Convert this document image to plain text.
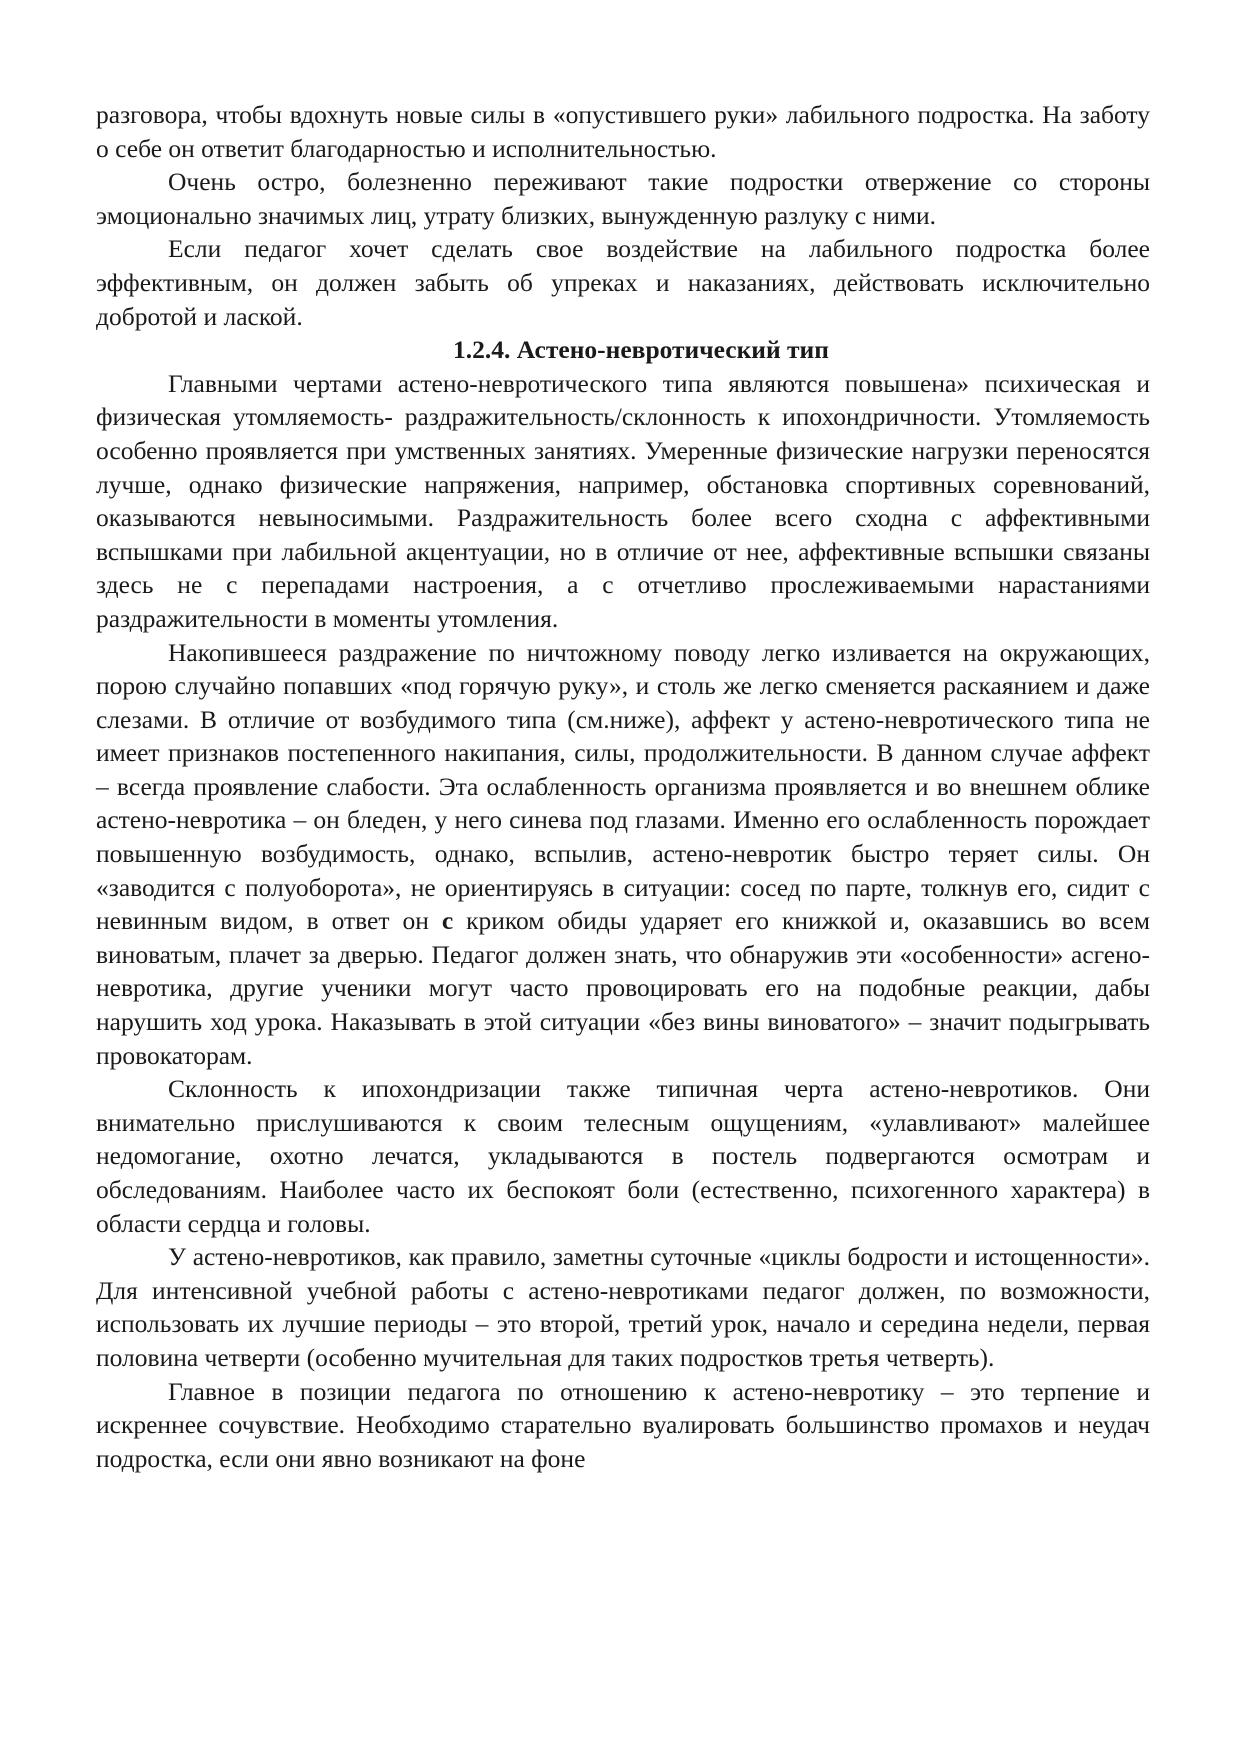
разговора, чтобы вдохнуть новые силы в «опустившего руки» лабильного подростка. На заботу о себе он ответит благодарностью и исполнительностью.

Очень остро, болезненно переживают такие подростки отвержение со стороны эмоционально значимых лиц, утрату близких, вынужденную разлуку с ними.

Если педагог хочет сделать свое воздействие на лабильного подростка более эффективным, он должен забыть об упреках и наказаниях, действовать исключительно добротой и лаской.

1.2.4. Астено-невротический тип

Главными чертами астено-невротического типа являются повышена» психическая и физическая утомляемость- раздражительность/склонность к ипохондричности. Утомляемость особенно проявляется при умственных занятиях. Умеренные физические нагрузки переносятся лучше, однако физические напряжения, например, обстановка спортивных соревнований, оказываются невыносимыми. Раздражительность более всего сходна с аффективными вспышками при лабильной акцентуации, но в отличие от нее, аффективные вспышки связаны здесь не с перепадами настроения, а с отчетливо прослеживаемыми нарастаниями раздражительности в моменты утомления.

Накопившееся раздражение по ничтожному поводу легко изливается на окружающих, порою случайно попавших «под горячую руку», и столь же легко сменяется раскаянием и даже слезами. В отличие от возбудимого типа (см.ниже), аффект у астено-невротического типа не имеет признаков постепенного накипания, силы, продолжительности. В данном случае аффект – всегда проявление слабости. Эта ослабленность организма проявляется и во внешнем облике астено-невротика – он бледен, у него синева под глазами. Именно его ослабленность порождает повышенную возбудимость, однако, вспылив, астено-невротик быстро теряет силы. Он «заводится с полуоборота», не ориентируясь в ситуации: сосед по парте, толкнув его, сидит с невинным видом, в ответ он с криком обиды ударяет его книжкой и, оказавшись во всем виноватым, плачет за дверью. Педагог должен знать, что обнаружив эти «особенности» асгено-невротика, другие ученики могут часто провоцировать его на подобные реакции, дабы нарушить ход урока. Наказывать в этой ситуации «без вины виноватого» – значит подыгрывать провокаторам.

Склонность к ипохондризации также типичная черта астено-невротиков. Они внимательно прислушиваются к своим телесным ощущениям, «улавливают» малейшее недомогание, охотно лечатся, укладываются в постель подвергаются осмотрам и обследованиям. Наиболее часто их беспокоят боли (естественно, психогенного характера) в области сердца и головы.

У астено-невротиков, как правило, заметны суточные «циклы бодрости и истощенности». Для интенсивной учебной работы с астено-невротиками педагог должен, по возможности, использовать их лучшие периоды – это второй, третий урок, начало и середина недели, первая половина четверти (особенно мучительная для таких подростков третья четверть).

Главное в позиции педагога по отношению к астено-невротику – это терпение и искреннее сочувствие. Необходимо старательно вуалировать большинство промахов и неудач подростка, если они явно возникают на фоне
